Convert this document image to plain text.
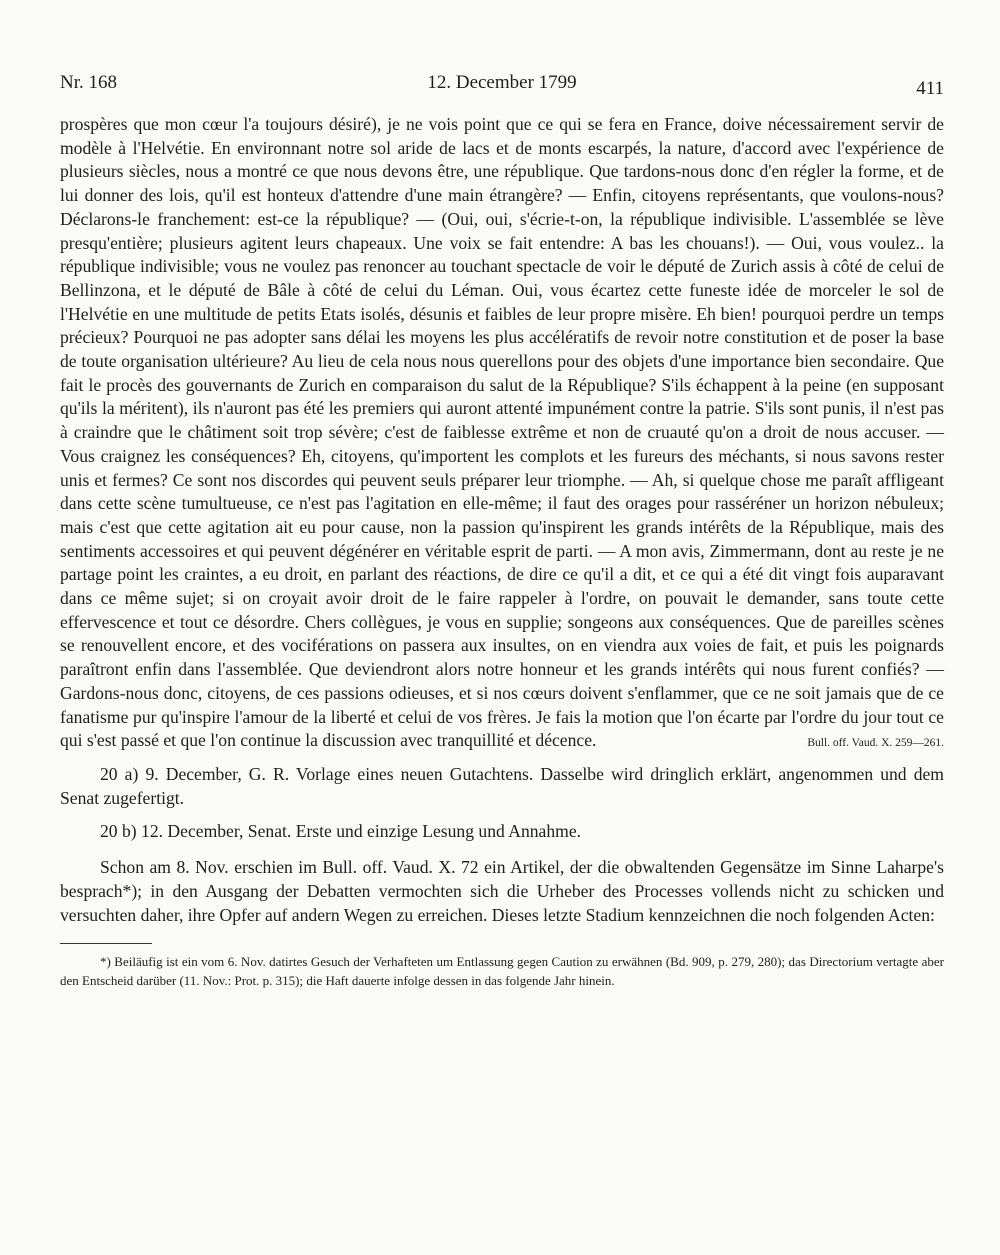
Nr. 168	12. December 1799	411

prospères que mon cœur l'a toujours désiré), je ne vois point que ce qui se fera en France, doive nécessairement servir de modèle à l'Helvétie. En environnant notre sol aride de lacs et de monts escarpés, la nature, d'accord avec l'expérience de plusieurs siècles, nous a montré ce que nous devons être, une république. Que tardons-nous donc d'en régler la forme, et de lui donner des lois, qu'il est honteux d'attendre d'une main étrangère? — Enfin, citoyens représentants, que voulons-nous? Déclarons-le franchement: est-ce la république? — (Oui, oui, s'écrie-t-on, la république indivisible. L'assemblée se lève presqu'entière; plusieurs agitent leurs chapeaux. Une voix se fait entendre: A bas les chouans!). — Oui, vous voulez.. la république indivisible; vous ne voulez pas renoncer au touchant spectacle de voir le député de Zurich assis à côté de celui de Bellinzona, et le député de Bâle à côté de celui du Léman. Oui, vous écartez cette funeste idée de morceler le sol de l'Helvétie en une multitude de petits Etats isolés, désunis et faibles de leur propre misère. Eh bien! pourquoi perdre un temps précieux? Pourquoi ne pas adopter sans délai les moyens les plus accélératifs de revoir notre constitution et de poser la base de toute organisation ultérieure? Au lieu de cela nous nous querellons pour des objets d'une importance bien secondaire. Que fait le procès des gouvernants de Zurich en comparaison du salut de la République? S'ils échappent à la peine (en supposant qu'ils la méritent), ils n'auront pas été les premiers qui auront attenté impunément contre la patrie. S'ils sont punis, il n'est pas à craindre que le châtiment soit trop sévère; c'est de faiblesse extrême et non de cruauté qu'on a droit de nous accuser. — Vous craignez les conséquences? Eh, citoyens, qu'importent les complots et les fureurs des méchants, si nous savons rester unis et fermes? Ce sont nos discordes qui peuvent seuls préparer leur triomphe. — Ah, si quelque chose me paraît affligeant dans cette scène tumultueuse, ce n'est pas l'agitation en elle-même; il faut des orages pour rasséréner un horizon nébuleux; mais c'est que cette agitation ait eu pour cause, non la passion qu'inspirent les grands intérêts de la République, mais des sentiments accessoires et qui peuvent dégénérer en véritable esprit de parti. — A mon avis, Zimmermann, dont au reste je ne partage point les craintes, a eu droit, en parlant des réactions, de dire ce qu'il a dit, et ce qui a été dit vingt fois auparavant dans ce même sujet; si on croyait avoir droit de le faire rappeler à l'ordre, on pouvait le demander, sans toute cette effervescence et tout ce désordre. Chers collègues, je vous en supplie; songeons aux conséquences. Que de pareilles scènes se renouvellent encore, et des vociférations on passera aux insultes, on en viendra aux voies de fait, et puis les poignards paraîtront enfin dans l'assemblée. Que deviendront alors notre honneur et les grands intérêts qui nous furent confiés? — Gardons-nous donc, citoyens, de ces passions odieuses, et si nos cœurs doivent s'enflammer, que ce ne soit jamais que de ce fanatisme pur qu'inspire l'amour de la liberté et celui de vos frères. Je fais la motion que l'on écarte par l'ordre du jour tout ce qui s'est passé et que l'on continue la discussion avec tranquillité et décence.	Bull. off. Vaud. X. 259—261.

20 a) 9. December, G. R. Vorlage eines neuen Gutachtens. Dasselbe wird dringlich erklärt, angenommen und dem Senat zugefertigt.

20 b) 12. December, Senat. Erste und einzige Lesung und Annahme.

Schon am 8. Nov. erschien im Bull. off. Vaud. X. 72 ein Artikel, der die obwaltenden Gegensätze im Sinne Laharpe's besprach*); in den Ausgang der Debatten vermochten sich die Urheber des Processes vollends nicht zu schicken und versuchten daher, ihre Opfer auf andern Wegen zu erreichen. Dieses letzte Stadium kennzeichnen die noch folgenden Acten:

*) Beiläufig ist ein vom 6. Nov. datirtes Gesuch der Verhafteten um Entlassung gegen Caution zu erwähnen (Bd. 909, p. 279, 280); das Directorium vertagte aber den Entscheid darüber (11. Nov.: Prot. p. 315); die Haft dauerte infolge dessen in das folgende Jahr hinein.
